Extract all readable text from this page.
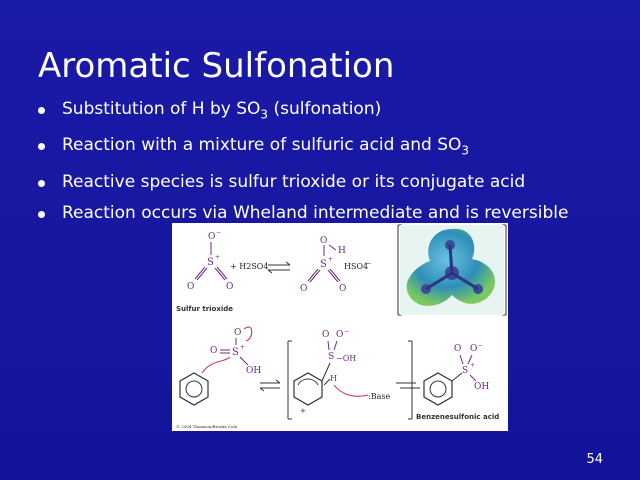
Aromatic Sulfonation
Substitution of H by $SO_3$ (sulfonation)
Reaction with a mixture of sulfuric acid and $SO_3$
Reactive species is sulfur trioxide or its conjugate acid
Reaction occurs via Wheland intermediate and is reversible
O −
S +
O	O
+ H2SO4
H
O
S +
O	O
HSO4
−
Sulfur trioxide
O
O S +
OH
+
S
O O −
−OH
H
:Base
S
+
O O −
OH
Benzenesulfonic acid
© 2004 Thomson/Brooks Cole
54
